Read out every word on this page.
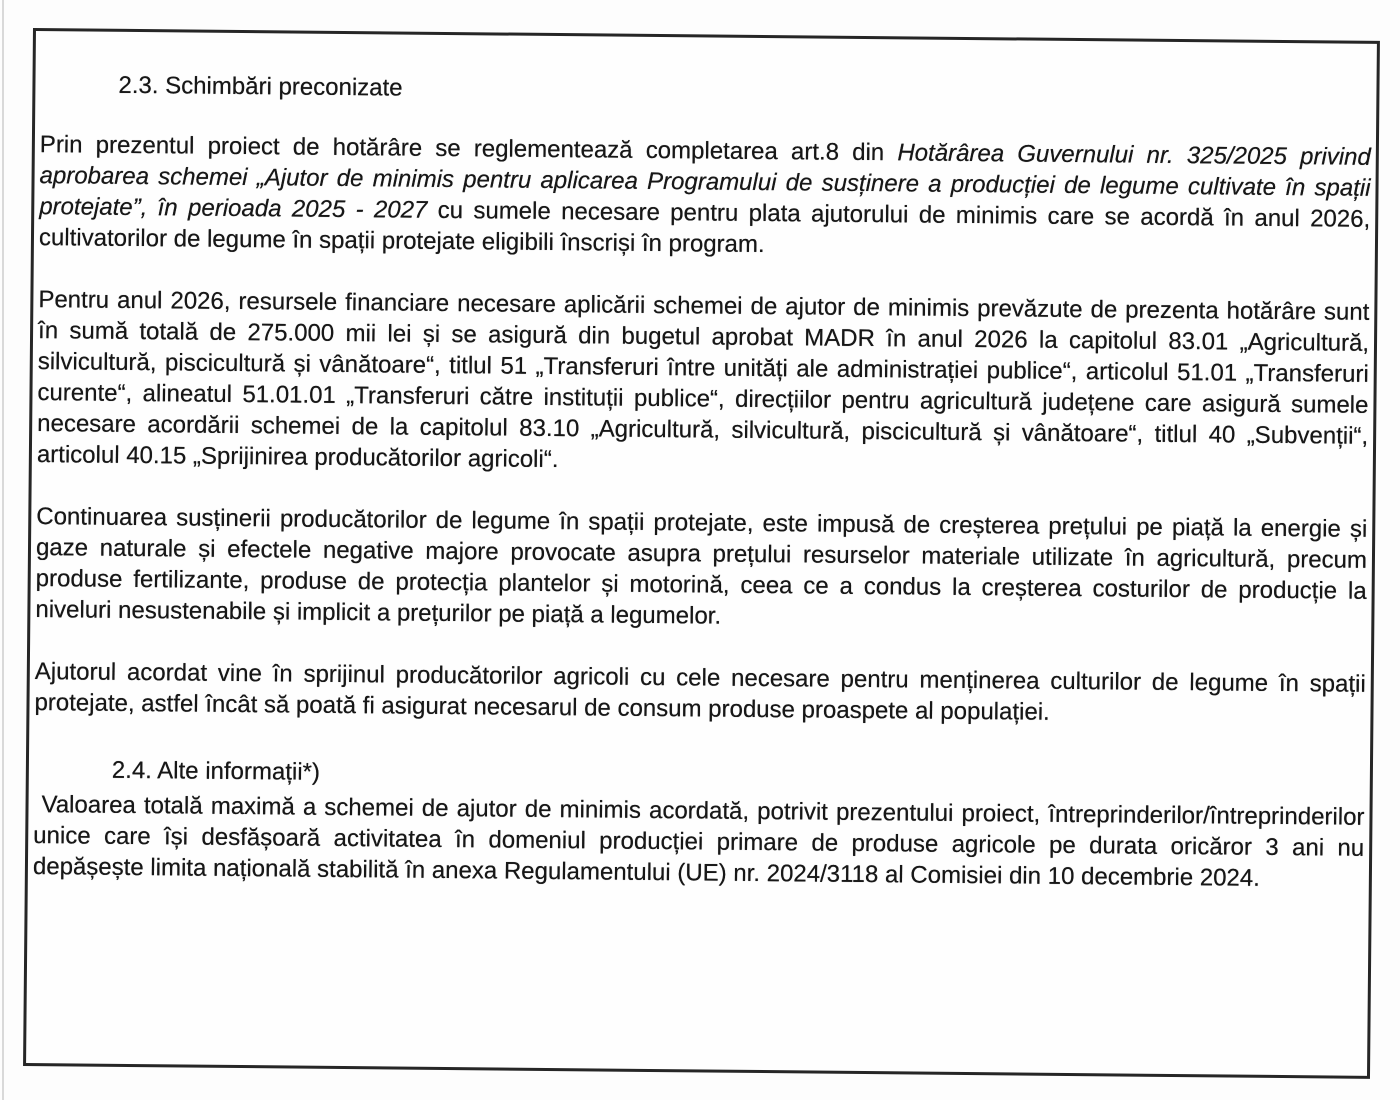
2.3. Schimbări preconizate

Prin prezentul proiect de hotărâre se reglementează completarea art.8 din Hotărârea Guvernului nr. 325/2025 privind aprobarea schemei „Ajutor de minimis pentru aplicarea Programului de susținere a producției de legume cultivate în spații protejate”, în perioada 2025 - 2027 cu sumele necesare pentru plata ajutorului de minimis care se acordă în anul 2026, cultivatorilor de legume în spații protejate eligibili înscriși în program.

Pentru anul 2026, resursele financiare necesare aplicării schemei de ajutor de minimis prevăzute de prezenta hotărâre sunt în sumă totală de 275.000 mii lei și se asigură din bugetul aprobat MADR în anul 2026 la capitolul 83.01 „Agricultură, silvicultură, piscicultură și vânătoare“, titlul 51 „Transferuri între unități ale administrației publice“, articolul 51.01 „Transferuri curente“, alineatul 51.01.01 „Transferuri către instituții publice“, direcțiilor pentru agricultură județene care asigură sumele necesare acordării schemei de la capitolul 83.10 „Agricultură, silvicultură, piscicultură și vânătoare“, titlul 40 „Subvenții“, articolul 40.15 „Sprijinirea producătorilor agricoli“.

Continuarea susținerii producătorilor de legume în spații protejate, este impusă de creșterea prețului pe piață la energie și gaze naturale și efectele negative majore provocate asupra prețului resurselor materiale utilizate în agricultură, precum produse fertilizante, produse de protecția plantelor și motorină, ceea ce a condus la creșterea costurilor de producție la niveluri nesustenabile și implicit a prețurilor pe piață a legumelor.

Ajutorul acordat vine în sprijinul producătorilor agricoli cu cele necesare pentru menținerea culturilor de legume în spații protejate, astfel încât să poată fi asigurat necesarul de consum produse proaspete al populației.

2.4. Alte informații*)

Valoarea totală maximă a schemei de ajutor de minimis acordată, potrivit prezentului proiect, întreprinderilor/întreprinderilor unice care își desfășoară activitatea în domeniul producției primare de produse agricole pe durata oricăror 3 ani nu depășește limita națională stabilită în anexa Regulamentului (UE) nr. 2024/3118 al Comisiei din 10 decembrie 2024.
